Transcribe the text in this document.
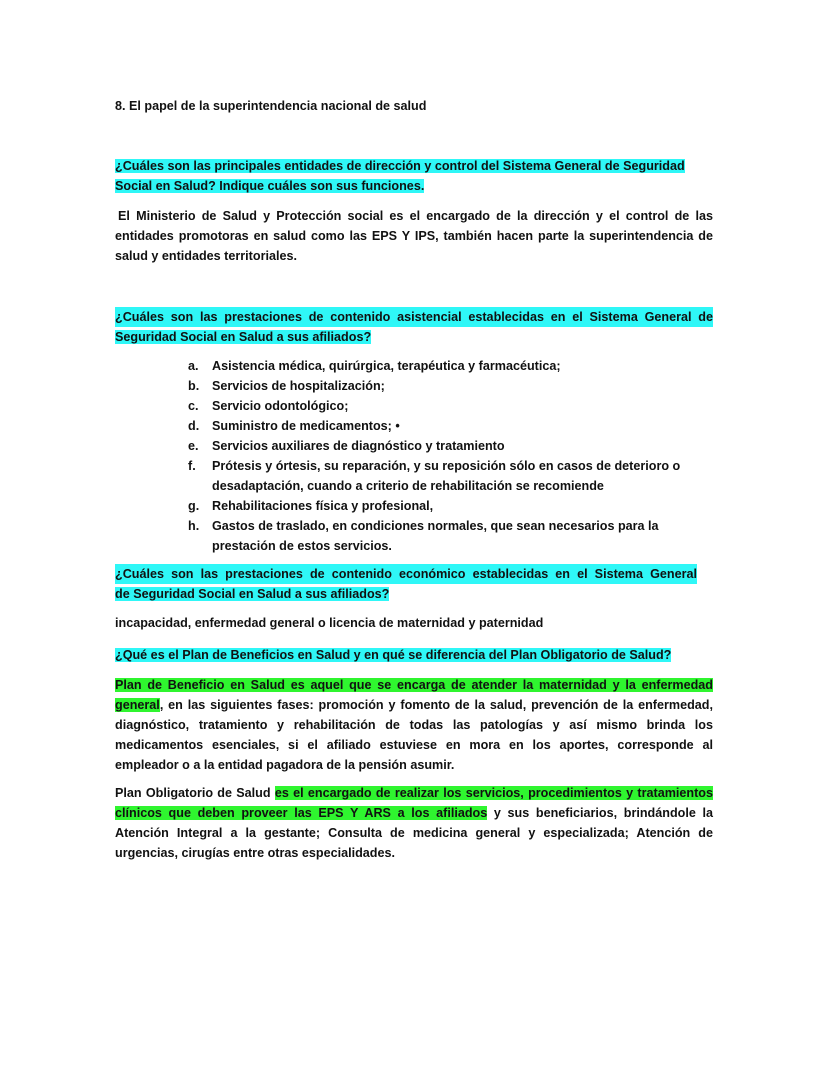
8. El papel de la superintendencia nacional de salud
¿Cuáles son las principales entidades de dirección y control del Sistema General de Seguridad
Social en Salud? Indique cuáles son sus funciones.
El Ministerio de Salud y Protección social es el encargado de la dirección y el control de las entidades promotoras en salud como las EPS Y IPS, también hacen parte la superintendencia de salud y entidades territoriales.
¿Cuáles son las prestaciones de contenido asistencial establecidas en el Sistema General de
Seguridad Social en Salud a sus afiliados?
a.	Asistencia médica, quirúrgica, terapéutica y farmacéutica;
b.	Servicios de hospitalización;
c.	Servicio odontológico;
d.	Suministro de medicamentos; •
e.	Servicios auxiliares de diagnóstico y tratamiento
f.	Prótesis y órtesis, su reparación, y su reposición sólo en casos de deterioro o desadaptación, cuando a criterio de rehabilitación se recomiende
g.	Rehabilitaciones física y profesional,
h.	Gastos de traslado, en condiciones normales, que sean necesarios para la prestación de estos servicios.
¿Cuáles son las prestaciones de contenido económico establecidas en el Sistema General
de Seguridad Social en Salud a sus afiliados?
incapacidad, enfermedad general o licencia de maternidad y paternidad
¿Qué es el Plan de Beneficios en Salud y en qué se diferencia del Plan Obligatorio de Salud?
Plan de Beneficio en Salud es aquel que se encarga de atender la maternidad y la enfermedad general, en las siguientes fases: promoción y fomento de la salud, prevención de la enfermedad, diagnóstico, tratamiento y rehabilitación de todas las patologías y así mismo brinda los medicamentos esenciales, si el afiliado estuviese en mora en los aportes, corresponde al empleador o a la entidad pagadora de la pensión asumir.
Plan Obligatorio de Salud es el encargado de realizar los servicios, procedimientos y tratamientos clínicos que deben proveer las EPS Y ARS a los afiliados y sus beneficiarios, brindándole la Atención Integral a la gestante; Consulta de medicina general y especializada; Atención de urgencias, cirugías entre otras especialidades.
